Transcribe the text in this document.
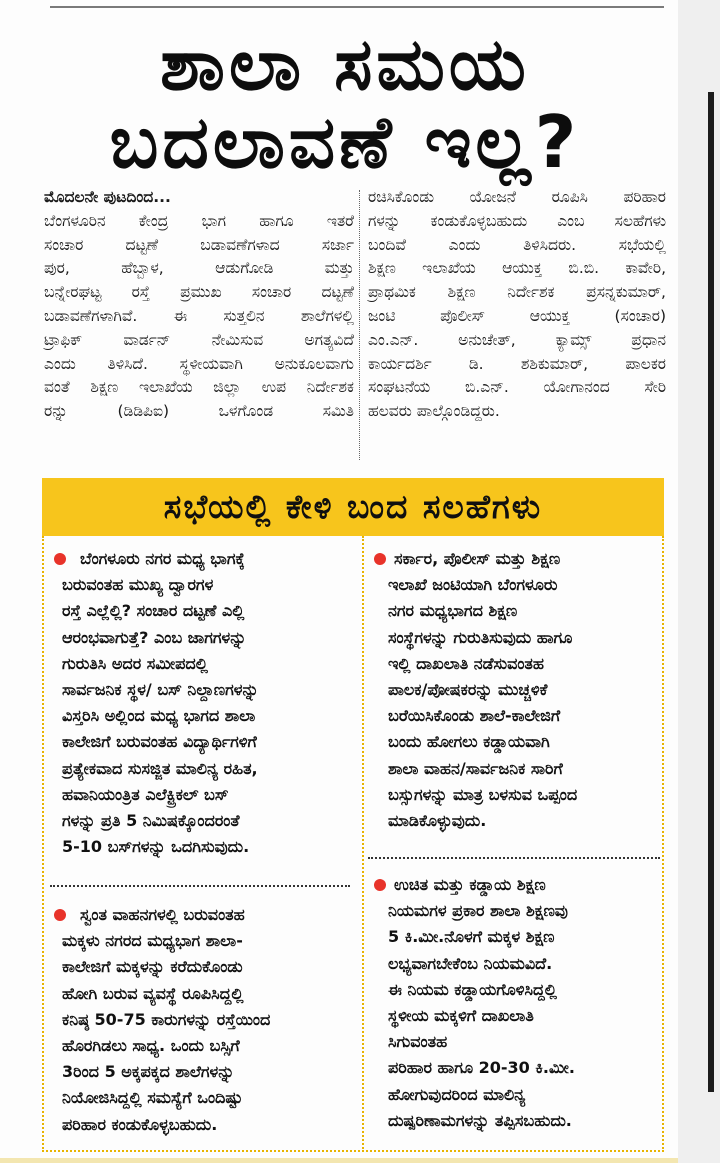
ಶಾಲಾ ಸಮಯ
ಬದಲಾವಣೆ ಇಲ್ಲ?

ಮೊದಲನೇ ಪುಟದಿಂದ...

ಬೆಂಗಳೂರಿನ ಕೇಂದ್ರ ಭಾಗ ಹಾಗೂ ಇತರೆ

ಸಂಚಾರ ದಟ್ಟಣೆ ಬಡಾವಣೆಗಳಾದ ಸರ್ಜಾ

ಪುರ, ಹೆಬ್ಬಾಳ, ಆಡುಗೋಡಿ ಮತ್ತು

ಬನ್ನೇರಘಟ್ಟ ರಸ್ತೆ ಪ್ರಮುಖ ಸಂಚಾರ ದಟ್ಟಣೆ

ಬಡಾವಣೆಗಳಾಗಿವೆ. ಈ ಸುತ್ತಲಿನ ಶಾಲೆಗಳಲ್ಲಿ

ಟ್ರಾಫಿಕ್ ವಾರ್ಡನ್ ನೇಮಿಸುವ ಅಗತ್ಯವಿದೆ

ಎಂದು ತಿಳಿಸಿದೆ. ಸ್ಥಳೀಯವಾಗಿ ಅನುಕೂಲವಾಗು

ವಂತೆ ಶಿಕ್ಷಣ ಇಲಾಖೆಯ ಜಿಲ್ಲಾ ಉಪ ನಿರ್ದೇಶಕ

ರನ್ನು (ಡಿಡಿಪಿಐ) ಒಳಗೊಂಡ ಸಮಿತಿ

ರಚಿಸಿಕೊಂಡು ಯೋಜನೆ ರೂಪಿಸಿ ಪರಿಹಾರ

ಗಳನ್ನು ಕಂಡುಕೊಳ್ಳಬಹುದು ಎಂಬ ಸಲಹೆಗಳು

ಬಂದಿವೆ ಎಂದು ತಿಳಿಸಿದರು. ಸಭೆಯಲ್ಲಿ

ಶಿಕ್ಷಣ ಇಲಾಖೆಯ ಆಯುಕ್ತ ಬಿ.ಬಿ. ಕಾವೇರಿ,

ಪ್ರಾಥಮಿಕ ಶಿಕ್ಷಣ ನಿರ್ದೇಶಕ ಪ್ರಸನ್ನಕುಮಾರ್,

ಜಂಟಿ ಪೊಲೀಸ್ ಆಯುಕ್ತ (ಸಂಚಾರ)

ಎಂ.ಎನ್. ಅನುಚೇತ್, ಕ್ಯಾಮ್ಸ್ ಪ್ರಧಾನ

ಕಾರ್ಯದರ್ಶಿ ಡಿ. ಶಶಿಕುಮಾರ್, ಪಾಲಕರ

ಸಂಘಟನೆಯ ಬಿ.ಎನ್. ಯೋಗಾನಂದ ಸೇರಿ

ಹಲವರು ಪಾಲ್ಗೊಂಡಿದ್ದರು.

ಸಭೆಯಲ್ಲಿ ಕೇಳಿ ಬಂದ ಸಲಹೆಗಳು
ಬೆಂಗಳೂರು ನಗರ ಮಧ್ಯ ಭಾಗಕ್ಕೆ
ಬರುವಂತಹ ಮುಖ್ಯ ದ್ವಾರಗಳ
ರಸ್ತೆ ಎಲ್ಲೆಲ್ಲಿ? ಸಂಚಾರ ದಟ್ಟಣೆ ಎಲ್ಲಿ
ಆರಂಭವಾಗುತ್ತೆ? ಎಂಬ ಜಾಗಗಳನ್ನು
ಗುರುತಿಸಿ ಅದರ ಸಮೀಪದಲ್ಲಿ
ಸಾರ್ವಜನಿಕ ಸ್ಥಳ/ ಬಸ್ ನಿಲ್ದಾಣಗಳನ್ನು
ವಿಸ್ತರಿಸಿ ಅಲ್ಲಿಂದ ಮಧ್ಯ ಭಾಗದ ಶಾಲಾ
ಕಾಲೇಜಿಗೆ ಬರುವಂತಹ ವಿದ್ಯಾರ್ಥಿಗಳಿಗೆ
ಪ್ರತ್ಯೇಕವಾದ ಸುಸಜ್ಜಿತ ಮಾಲಿನ್ಯ ರಹಿತ,
ಹವಾನಿಯಂತ್ರಿತ ಎಲೆಕ್ಟ್ರಿಕಲ್ ಬಸ್
ಗಳನ್ನು ಪ್ರತಿ 5 ನಿಮಿಷಕ್ಕೊಂದರಂತೆ
5-10 ಬಸ್‌ಗಳನ್ನು ಒದಗಿಸುವುದು.
ಸ್ವಂತ ವಾಹನಗಳಲ್ಲಿ ಬರುವಂತಹ
ಮಕ್ಕಳು ನಗರದ ಮಧ್ಯಭಾಗ ಶಾಲಾ-
ಕಾಲೇಜಿಗೆ ಮಕ್ಕಳನ್ನು ಕರೆದುಕೊಂಡು
ಹೋಗಿ ಬರುವ ವ್ಯವಸ್ಥೆ ರೂಪಿಸಿದ್ದಲ್ಲಿ
ಕನಿಷ್ಠ 50-75 ಕಾರುಗಳನ್ನು ರಸ್ತೆಯಿಂದ
ಹೊರಗಿಡಲು ಸಾಧ್ಯ. ಒಂದು ಬಸ್ಸಿಗೆ
3ರಿಂದ 5 ಅಕ್ಕಪಕ್ಕದ ಶಾಲೆಗಳನ್ನು
ನಿಯೋಜಿಸಿದ್ದಲ್ಲಿ ಸಮಸ್ಯೆಗೆ ಒಂದಿಷ್ಟು
ಪರಿಹಾರ ಕಂಡುಕೊಳ್ಳಬಹುದು.
ಸರ್ಕಾರ, ಪೊಲೀಸ್ ಮತ್ತು ಶಿಕ್ಷಣ
ಇಲಾಖೆ ಜಂಟಿಯಾಗಿ ಬೆಂಗಳೂರು
ನಗರ ಮಧ್ಯಭಾಗದ ಶಿಕ್ಷಣ
ಸಂಸ್ಥೆಗಳನ್ನು ಗುರುತಿಸುವುದು ಹಾಗೂ
ಇಲ್ಲಿ ದಾಖಲಾತಿ ನಡೆಸುವಂತಹ
ಪಾಲಕ/ಪೋಷಕರನ್ನು ಮುಚ್ಚಳಿಕೆ
ಬರೆಯಿಸಿಕೊಂಡು ಶಾಲೆ-ಕಾಲೇಜಿಗೆ
ಬಂದು ಹೋಗಲು ಕಡ್ಡಾಯವಾಗಿ
ಶಾಲಾ ವಾಹನ/ಸಾರ್ವಜನಿಕ ಸಾರಿಗೆ
ಬಸ್ಸುಗಳನ್ನು ಮಾತ್ರ ಬಳಸುವ ಒಪ್ಪಂದ
ಮಾಡಿಕೊಳ್ಳುವುದು.
ಉಚಿತ ಮತ್ತು ಕಡ್ಡಾಯ ಶಿಕ್ಷಣ
ನಿಯಮಗಳ ಪ್ರಕಾರ ಶಾಲಾ ಶಿಕ್ಷಣವು
5 ಕಿ.ಮೀ.ನೊಳಗೆ ಮಕ್ಕಳ ಶಿಕ್ಷಣ
ಲಭ್ಯವಾಗಬೇಕೆಂಬ ನಿಯಮವಿದೆ.
ಈ ನಿಯಮ ಕಡ್ಡಾಯಗೊಳಿಸಿದ್ದಲ್ಲಿ
ಸ್ಥಳೀಯ ಮಕ್ಕಳಿಗೆ ದಾಖಲಾತಿ
ಸಿಗುವಂತಹ
ಪರಿಹಾರ ಹಾಗೂ 20-30 ಕಿ.ಮೀ.
ಹೋಗುವುದರಿಂದ ಮಾಲಿನ್ಯ
ದುಷ್ಪರಿಣಾಮಗಳನ್ನು ತಪ್ಪಿಸಬಹುದು.
